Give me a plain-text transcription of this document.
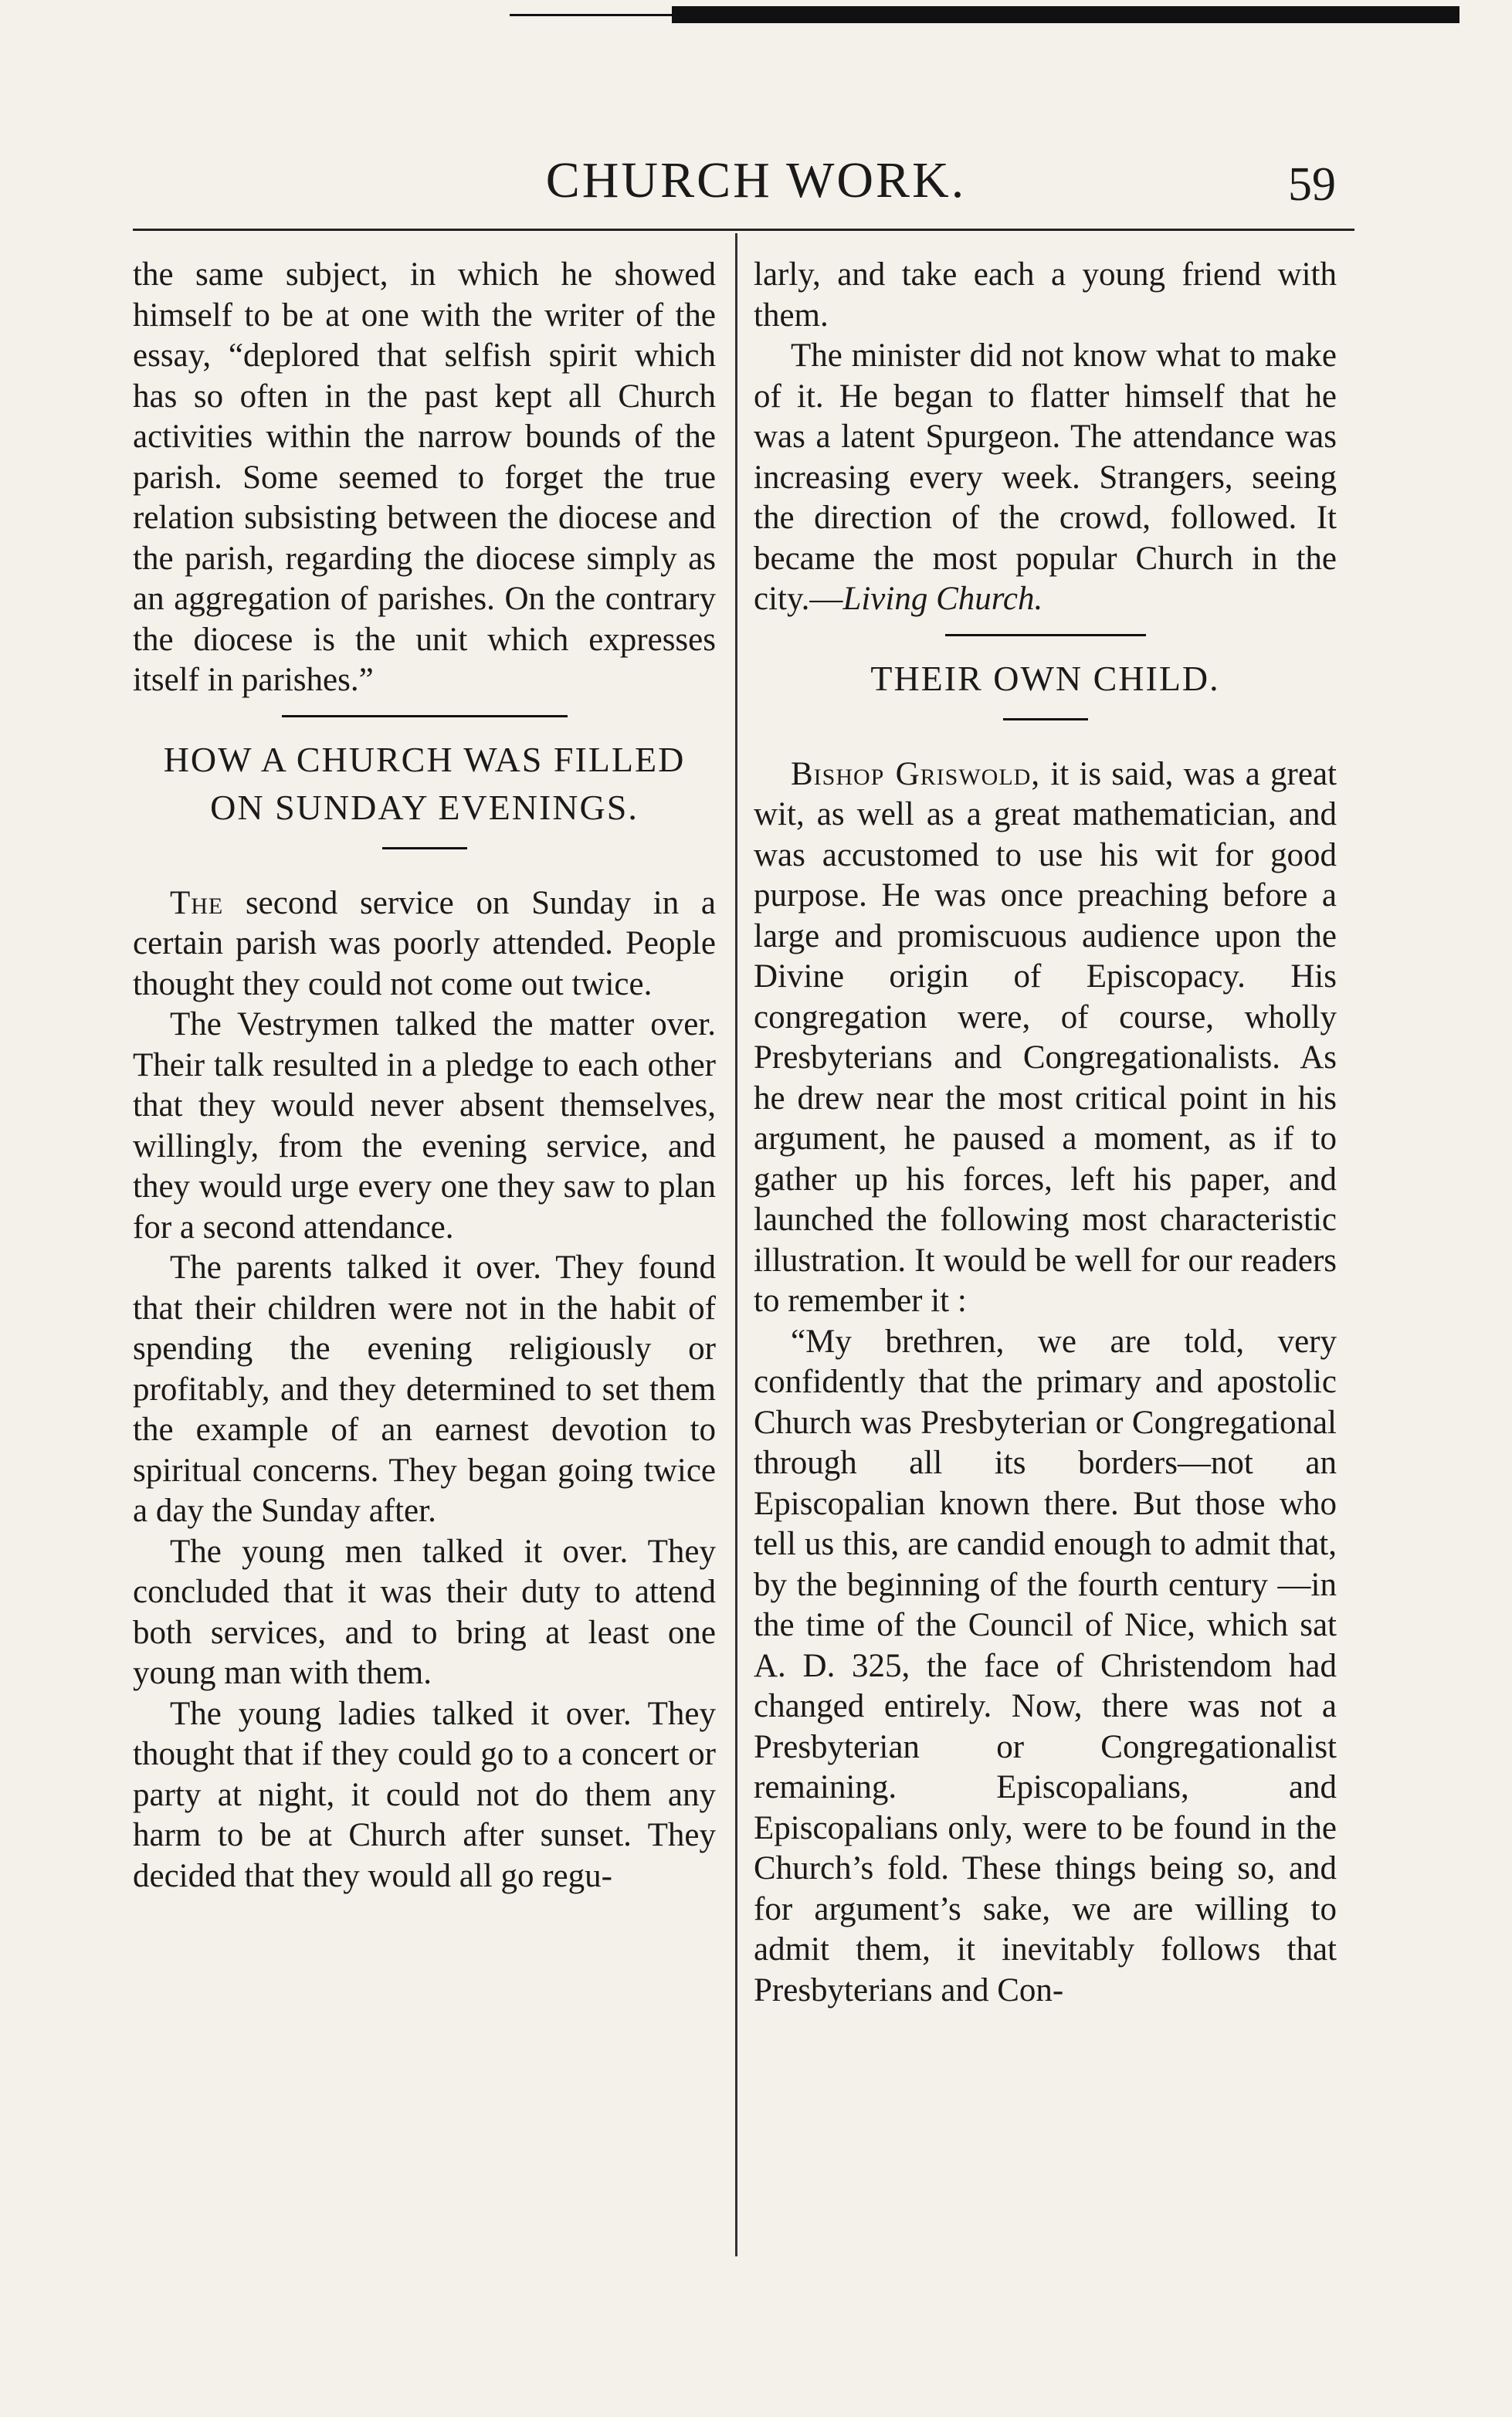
CHURCH WORK.	59

the same subject, in which he showed himself to be at one with the writer of the essay, “deplored that selfish spirit which has so often in the past kept all Church activities within the narrow bounds of the parish. Some seemed to forget the true relation subsisting between the diocese and the parish, regarding the diocese simply as an aggregation of parishes. On the contrary the diocese is the unit which expresses itself in parishes.”

HOW A CHURCH WAS FILLED
ON SUNDAY EVENINGS.

The second service on Sunday in a certain parish was poorly attended. People thought they could not come out twice.

The Vestrymen talked the matter over. Their talk resulted in a pledge to each other that they would never absent themselves, willingly, from the evening service, and they would urge every one they saw to plan for a second attendance.

The parents talked it over. They found that their children were not in the habit of spending the evening religiously or profitably, and they determined to set them the example of an earnest devotion to spiritual concerns. They began going twice a day the Sunday after.

The young men talked it over. They concluded that it was their duty to attend both services, and to bring at least one young man with them.

The young ladies talked it over. They thought that if they could go to a concert or party at night, it could not do them any harm to be at Church after sunset. They decided that they would all go regu-

larly, and take each a young friend with them.

The minister did not know what to make of it. He began to flatter himself that he was a latent Spurgeon. The attendance was increasing every week. Strangers, seeing the direction of the crowd, followed. It became the most popular Church in the city.—Living Church.

THEIR OWN CHILD.

Bishop Griswold, it is said, was a great wit, as well as a great mathematician, and was accustomed to use his wit for good purpose. He was once preaching before a large and promiscuous audience upon the Divine origin of Episcopacy. His congregation were, of course, wholly Presbyterians and Congregationalists. As he drew near the most critical point in his argument, he paused a moment, as if to gather up his forces, left his paper, and launched the following most characteristic illustration. It would be well for our readers to remember it :

“My brethren, we are told, very confidently that the primary and apostolic Church was Presbyterian or Congregational through all its borders—not an Episcopalian known there. But those who tell us this, are candid enough to admit that, by the beginning of the fourth century —in the time of the Council of Nice, which sat A. D. 325, the face of Christendom had changed entirely. Now, there was not a Presbyterian or Congregationalist remaining. Episcopalians, and Episcopalians only, were to be found in the Church’s fold. These things being so, and for argument’s sake, we are willing to admit them, it inevitably follows that Presbyterians and Con-
